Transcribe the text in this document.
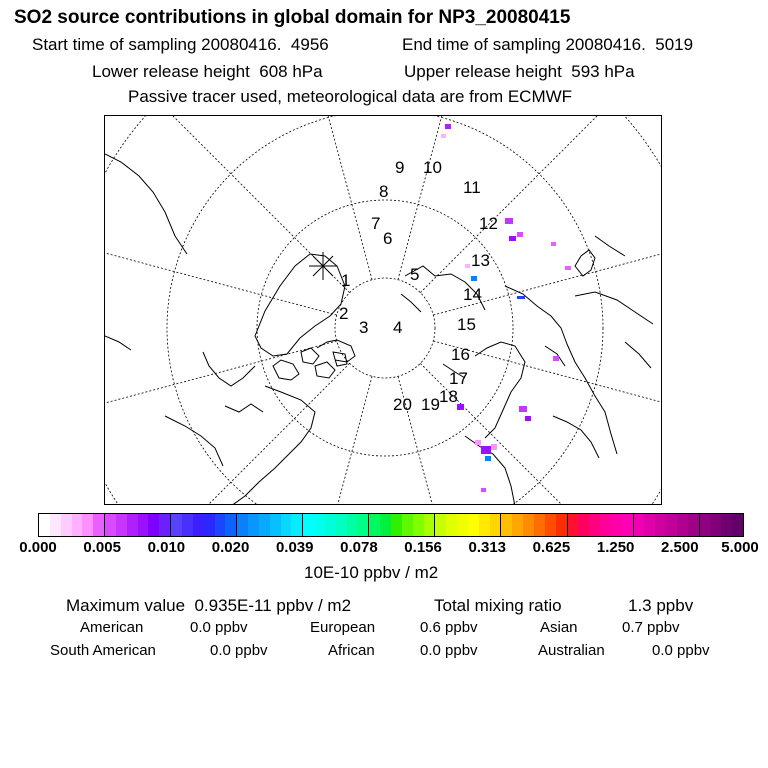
SO2 source contributions in global domain for NP3_20080415
Start time of sampling 20080416.  4956	End time of sampling 20080416.  5019
Lower release height  608 hPa	Upper release height  593 hPa
Passive tracer used, meteorological data are from ECMWF
1
2
3 4
5
6
7
8
9 10
11
12
13
14
15
16
17
18
19
20
0.000 0.005 0.010 0.020 0.039 0.078 0.156 0.313 0.625 1.250 2.500 5.000
10E-10 ppbv / m2
Maximum value  0.935E-11 ppbv / m2	Total mixing ratio	1.3 ppbv
American	0.0 ppbv	European	0.6 ppbv	Asian	0.7 ppbv
South American	0.0 ppbv	African	0.0 ppbv	Australian	0.0 ppbv
